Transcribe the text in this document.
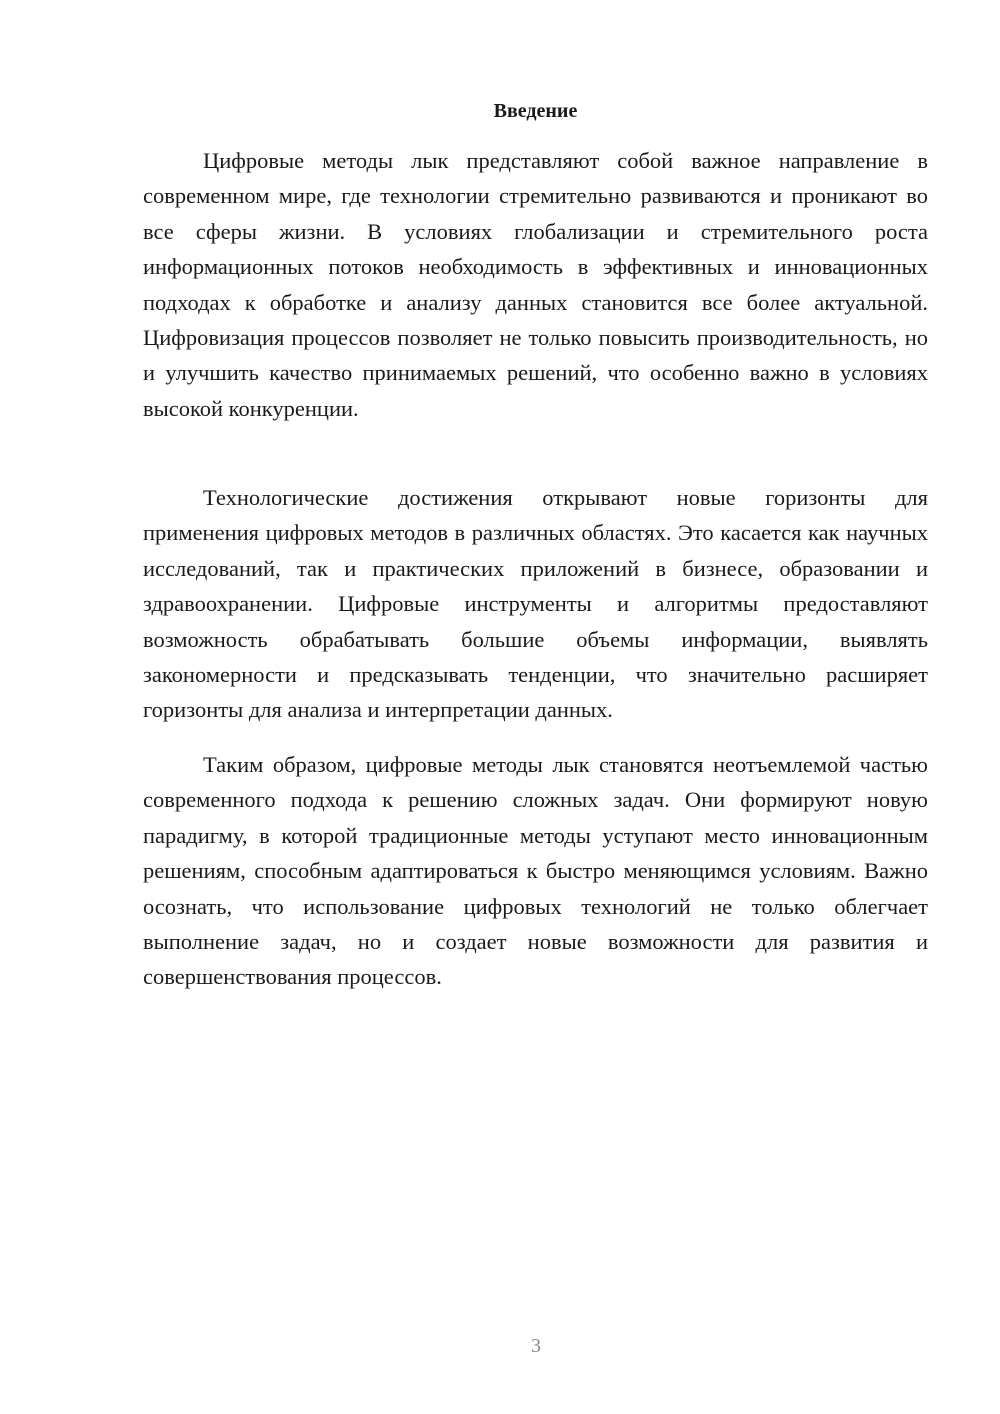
Введение

Цифровые методы лык представляют собой важное направление в современном мире, где технологии стремительно развиваются и проникают во все сферы жизни. В условиях глобализации и стремительного роста информационных потоков необходимость в эффективных и инновационных подходах к обработке и анализу данных становится все более актуальной. Цифровизация процессов позволяет не только повысить производительность, но и улучшить качество принимаемых решений, что особенно важно в условиях высокой конкуренции.

Технологические достижения открывают новые горизонты для применения цифровых методов в различных областях. Это касается как научных исследований, так и практических приложений в бизнесе, образовании и здравоохранении. Цифровые инструменты и алгоритмы предоставляют возможность обрабатывать большие объемы информации, выявлять закономерности и предсказывать тенденции, что значительно расширяет горизонты для анализа и интерпретации данных.

Таким образом, цифровые методы лык становятся неотъемлемой частью современного подхода к решению сложных задач. Они формируют новую парадигму, в которой традиционные методы уступают место инновационным решениям, способным адаптироваться к быстро меняющимся условиям. Важно осознать, что использование цифровых технологий не только облегчает выполнение задач, но и создает новые возможности для развития и совершенствования процессов.

3
